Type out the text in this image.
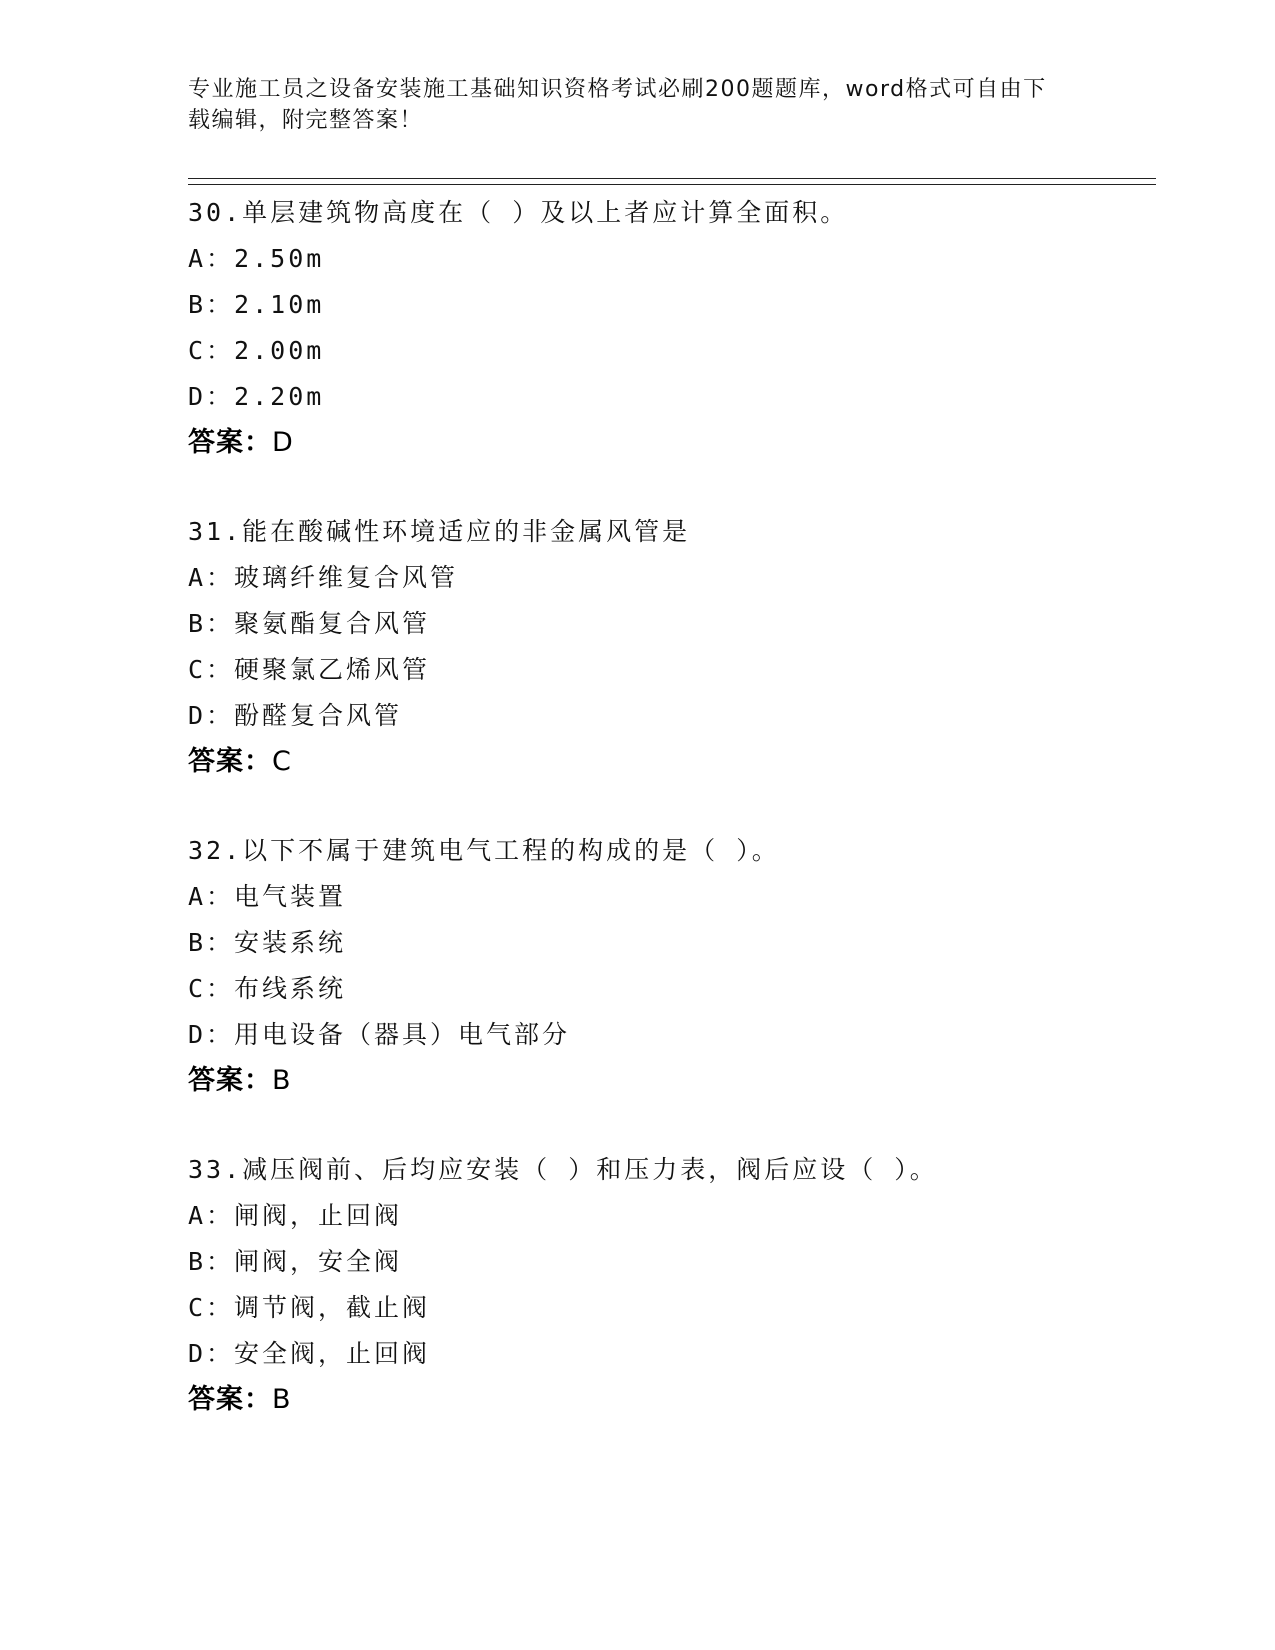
专业施工员之设备安装施工基础知识资格考试必刷200题题库，word格式可自由下载编辑，附完整答案！
30.单层建筑物高度在（ ）及以上者应计算全面积。
A：2.50m
B：2.10m
C：2.00m
D：2.20m
答案：D
31.能在酸碱性环境适应的非金属风管是
A：玻璃纤维复合风管
B：聚氨酯复合风管
C：硬聚氯乙烯风管
D：酚醛复合风管
答案：C
32.以下不属于建筑电气工程的构成的是（ ）。
A：电气装置
B：安装系统
C：布线系统
D：用电设备（器具）电气部分
答案：B
33.减压阀前、后均应安装（ ）和压力表，阀后应设（ ）。
A：闸阀，止回阀
B：闸阀，安全阀
C：调节阀，截止阀
D：安全阀，止回阀
答案：B
